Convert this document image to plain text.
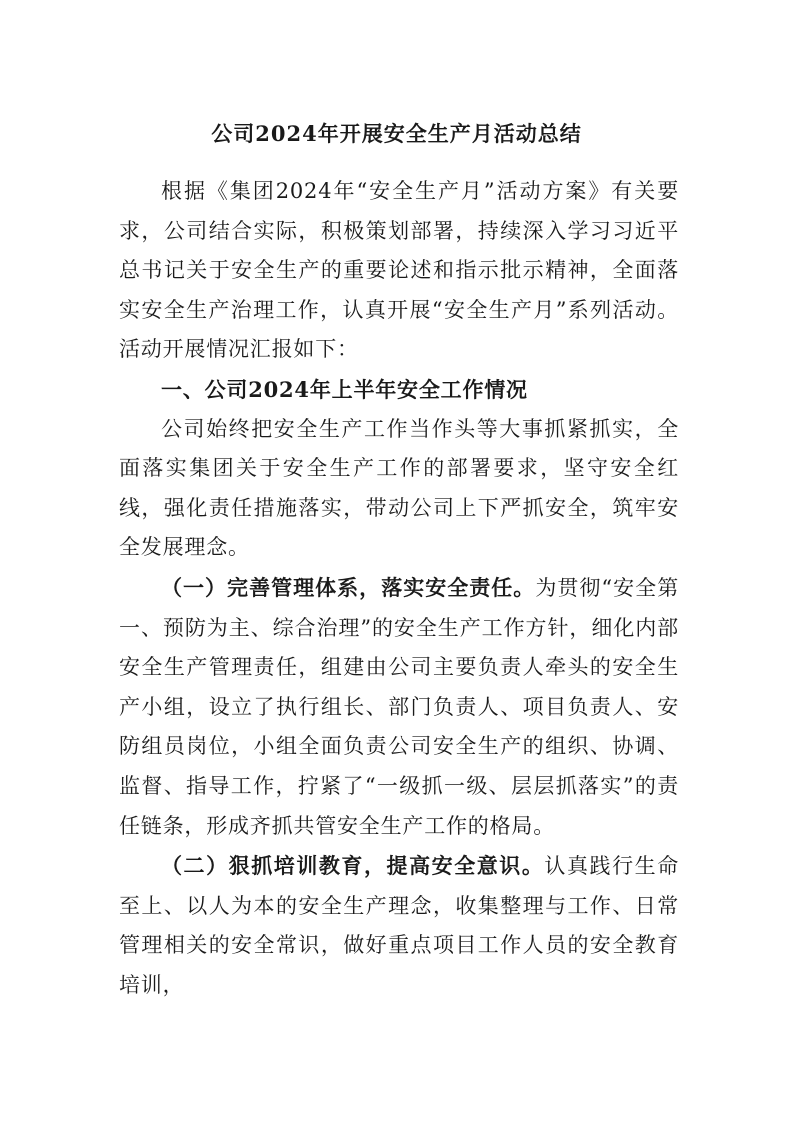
公司2024年开展安全生产月活动总结

根据《集团2024年“安全生产月”活动方案》有关要求，公司结合实际，积极策划部署，持续深入学习习近平总书记关于安全生产的重要论述和指示批示精神，全面落实安全生产治理工作，认真开展“安全生产月”系列活动。活动开展情况汇报如下：

一、公司2024年上半年安全工作情况

公司始终把安全生产工作当作头等大事抓紧抓实，全面落实集团关于安全生产工作的部署要求，坚守安全红线，强化责任措施落实，带动公司上下严抓安全，筑牢安全发展理念。

（一）完善管理体系，落实安全责任。为贯彻“安全第一、预防为主、综合治理”的安全生产工作方针，细化内部安全生产管理责任，组建由公司主要负责人牵头的安全生产小组，设立了执行组长、部门负责人、项目负责人、安防组员岗位，小组全面负责公司安全生产的组织、协调、监督、指导工作，拧紧了“一级抓一级、层层抓落实”的责任链条，形成齐抓共管安全生产工作的格局。

（二）狠抓培训教育，提高安全意识。认真践行生命至上、以人为本的安全生产理念，收集整理与工作、日常管理相关的安全常识，做好重点项目工作人员的安全教育培训，
